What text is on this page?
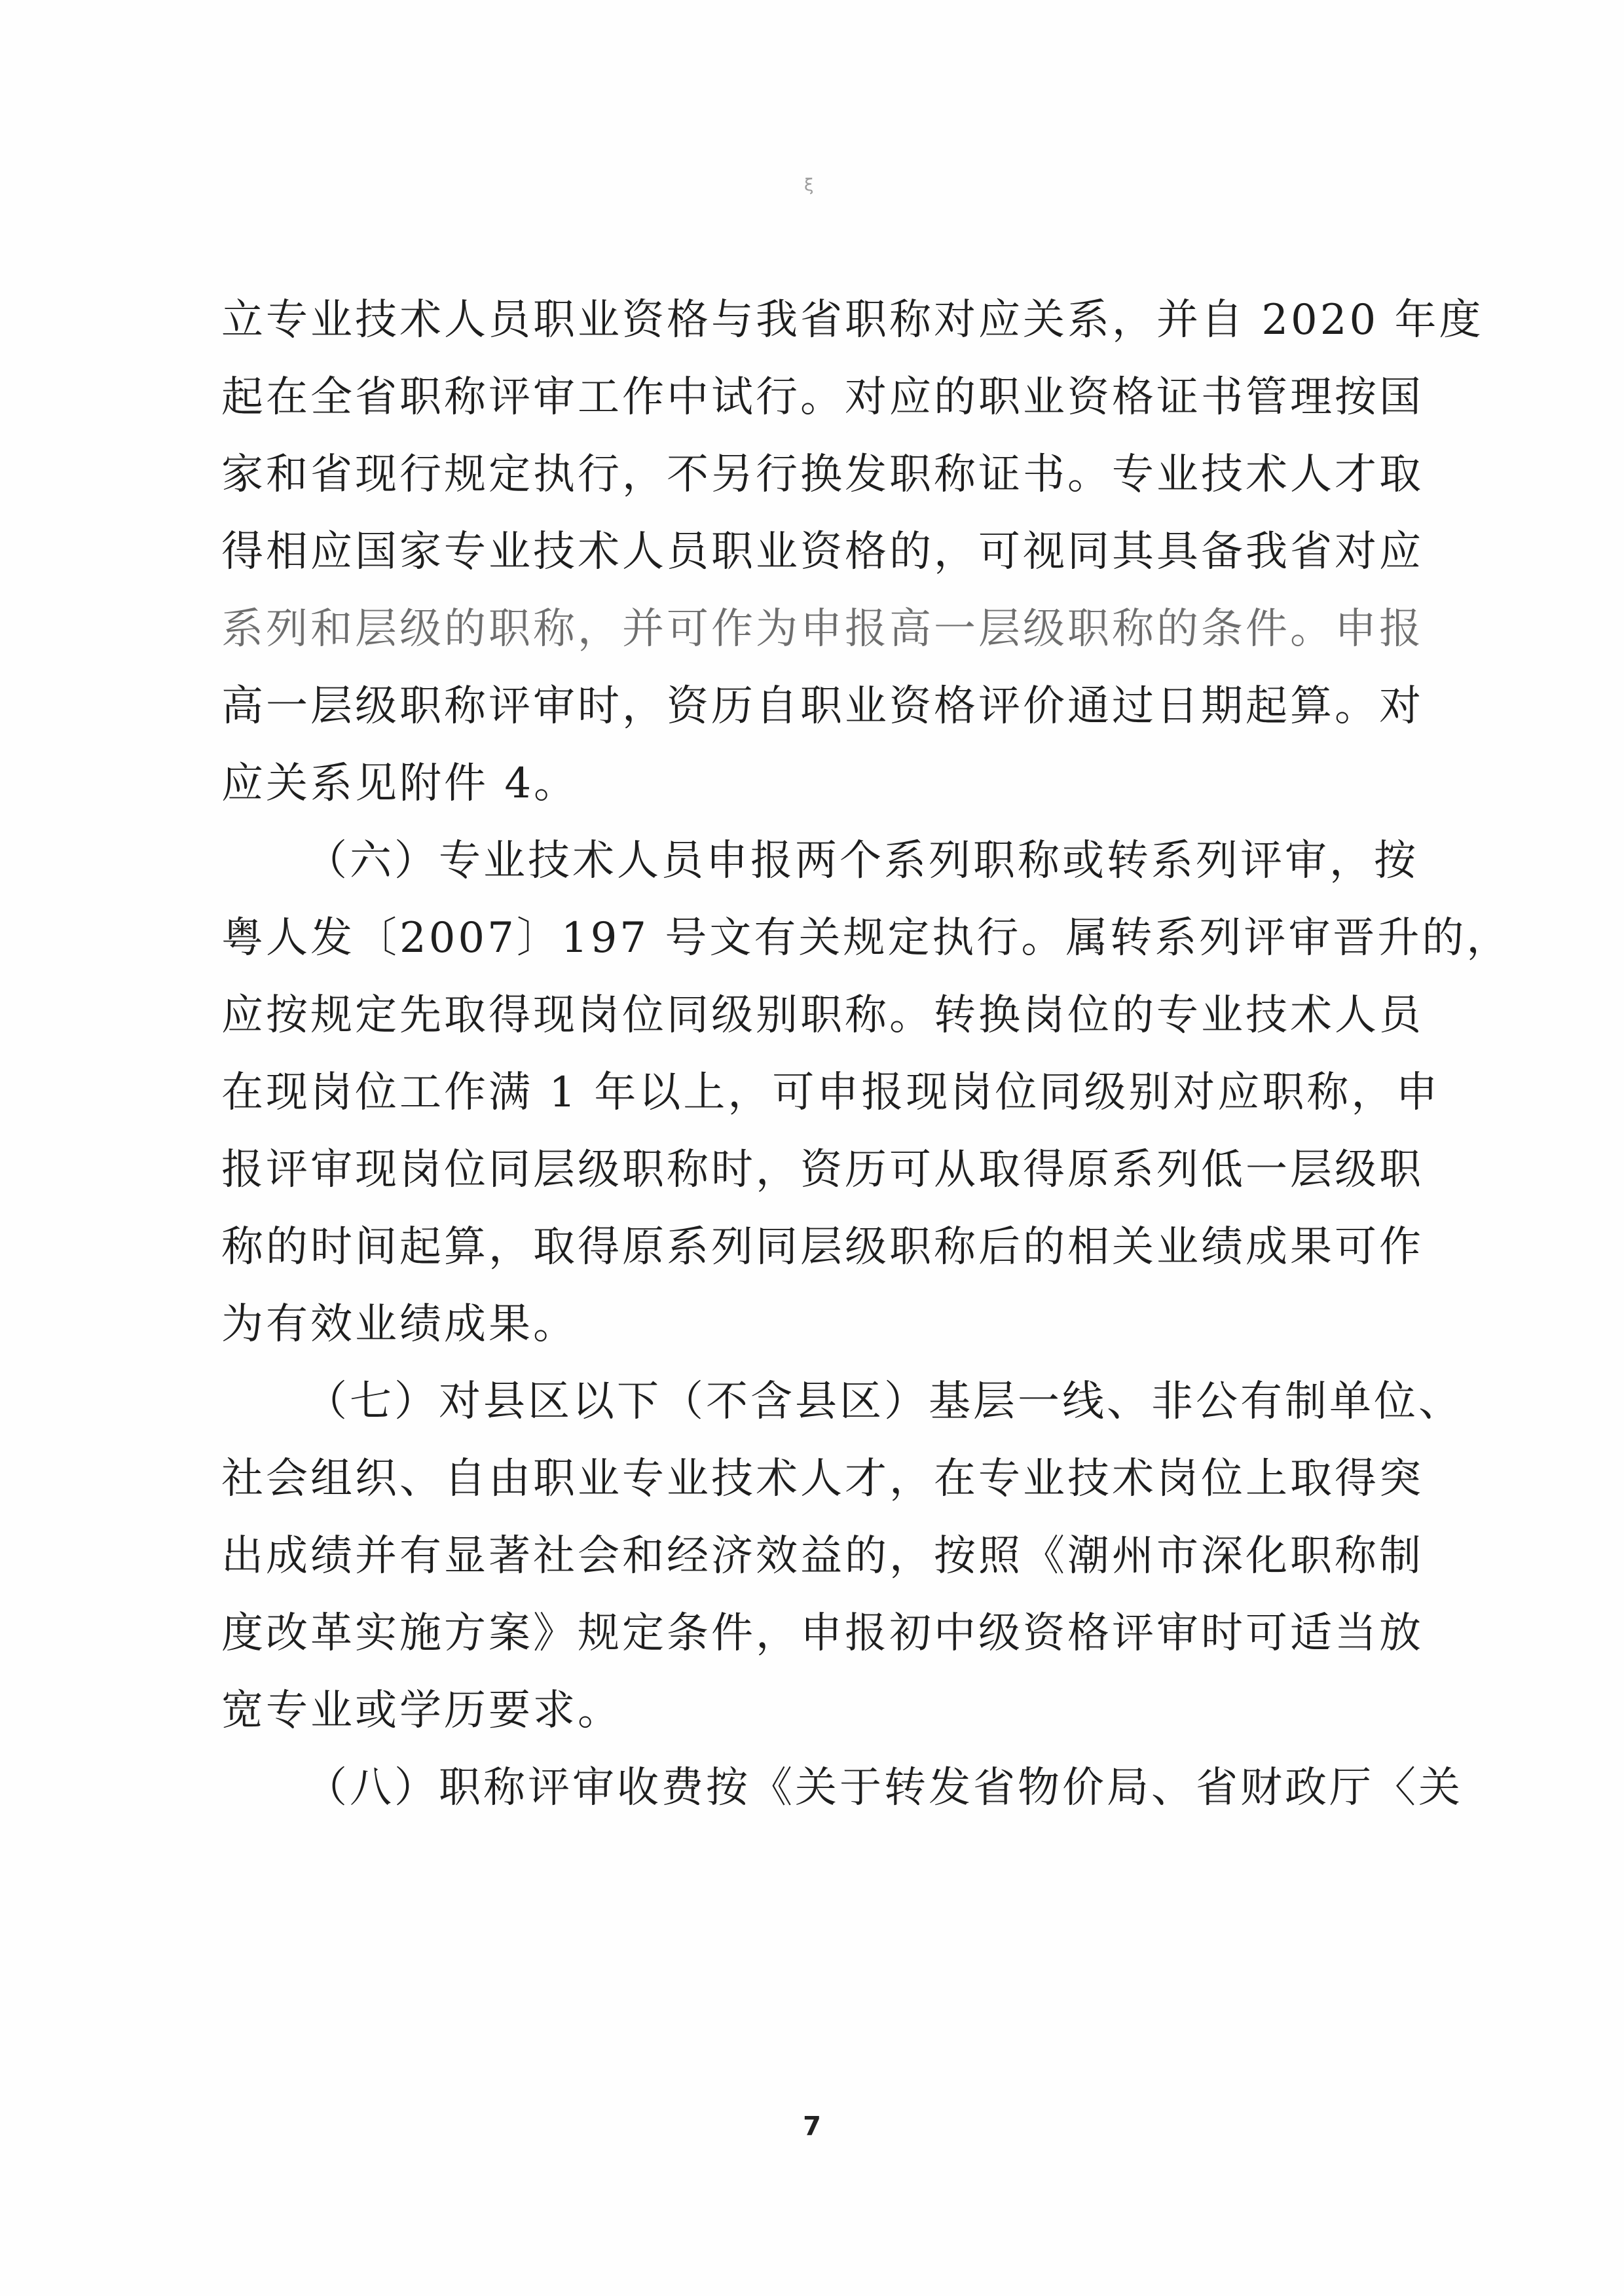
ξ
立专业技术人员职业资格与我省职称对应关系，并自 2020 年度
起在全省职称评审工作中试行。对应的职业资格证书管理按国
家和省现行规定执行，不另行换发职称证书。专业技术人才取
得相应国家专业技术人员职业资格的，可视同其具备我省对应
系列和层级的职称，并可作为申报高一层级职称的条件。申报
高一层级职称评审时，资历自职业资格评价通过日期起算。对
应关系见附件 4。
（六）专业技术人员申报两个系列职称或转系列评审，按
粤人发〔2007〕197 号文有关规定执行。属转系列评审晋升的，
应按规定先取得现岗位同级别职称。转换岗位的专业技术人员
在现岗位工作满 1 年以上，可申报现岗位同级别对应职称，申
报评审现岗位同层级职称时，资历可从取得原系列低一层级职
称的时间起算，取得原系列同层级职称后的相关业绩成果可作
为有效业绩成果。
（七）对县区以下（不含县区）基层一线、非公有制单位、
社会组织、自由职业专业技术人才，在专业技术岗位上取得突
出成绩并有显著社会和经济效益的，按照《潮州市深化职称制
度改革实施方案》规定条件，申报初中级资格评审时可适当放
宽专业或学历要求。
（八）职称评审收费按《关于转发省物价局、省财政厅〈关
7
